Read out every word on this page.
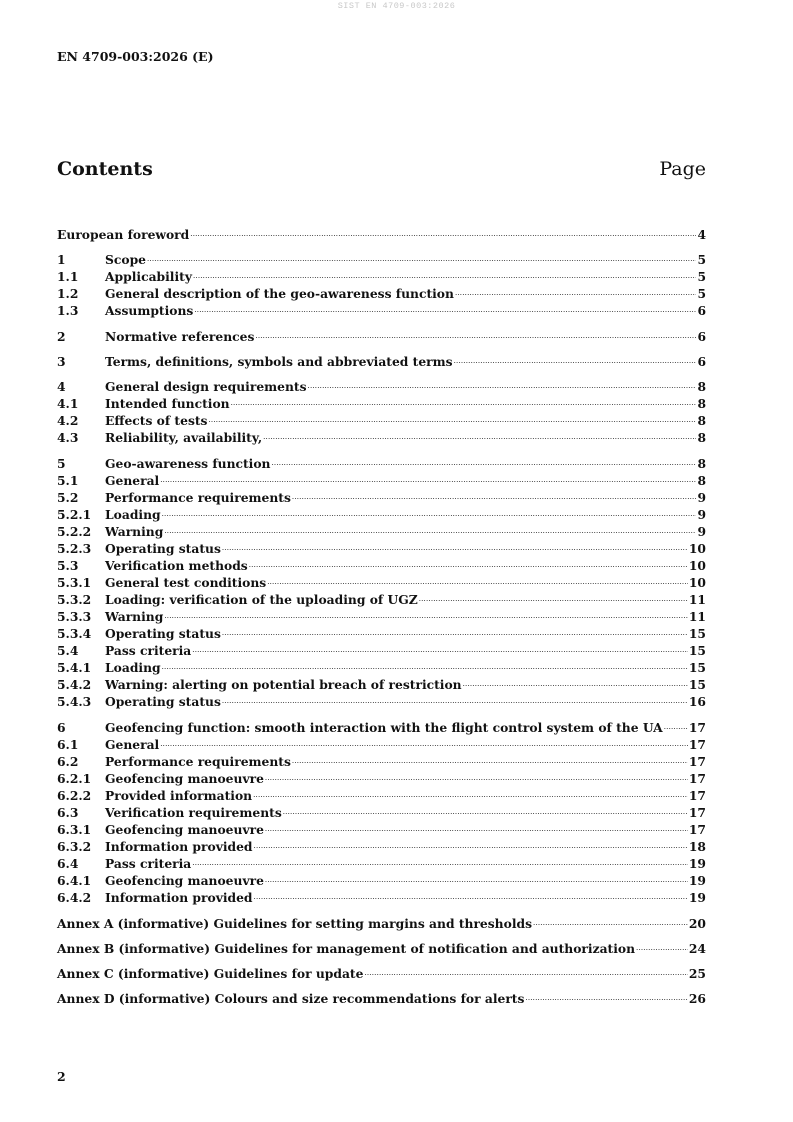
SIST EN 4709-003:2026
EN 4709-003:2026 (E)
Contents	Page
European foreword .....	4
1	Scope .....	5
1.1	Applicability .....	5
1.2	General description of the geo-awareness function .....	5
1.3	Assumptions .....	6
2	Normative references .....	6
3	Terms, definitions, symbols and abbreviated terms .....	6
4	General design requirements .....	8
4.1	Intended function .....	8
4.2	Effects of tests .....	8
4.3	Reliability, availability, .....	8
5	Geo-awareness function .....	8
5.1	General .....	8
5.2	Performance requirements .....	9
5.2.1	Loading .....	9
5.2.2	Warning .....	9
5.2.3	Operating status .....	10
5.3	Verification methods .....	10
5.3.1	General test conditions .....	10
5.3.2	Loading: verification of the uploading of UGZ .....	11
5.3.3	Warning .....	11
5.3.4	Operating status .....	15
5.4	Pass criteria .....	15
5.4.1	Loading .....	15
5.4.2	Warning: alerting on potential breach of restriction .....	15
5.4.3	Operating status .....	16
6	Geofencing function: smooth interaction with the flight control system of the UA ..... 17
6.1	General .....	17
6.2	Performance requirements .....	17
6.2.1	Geofencing manoeuvre .....	17
6.2.2	Provided information .....	17
6.3	Verification requirements .....	17
6.3.1	Geofencing manoeuvre .....	17
6.3.2	Information provided .....	18
6.4	Pass criteria .....	19
6.4.1	Geofencing manoeuvre .....	19
6.4.2	Information provided .....	19
Annex A (informative) Guidelines for setting margins and thresholds .....	20
Annex B (informative) Guidelines for management of notification and authorization .....	24
Annex C (informative) Guidelines for update .....	25
Annex D (informative) Colours and size recommendations for alerts .....	26
2
